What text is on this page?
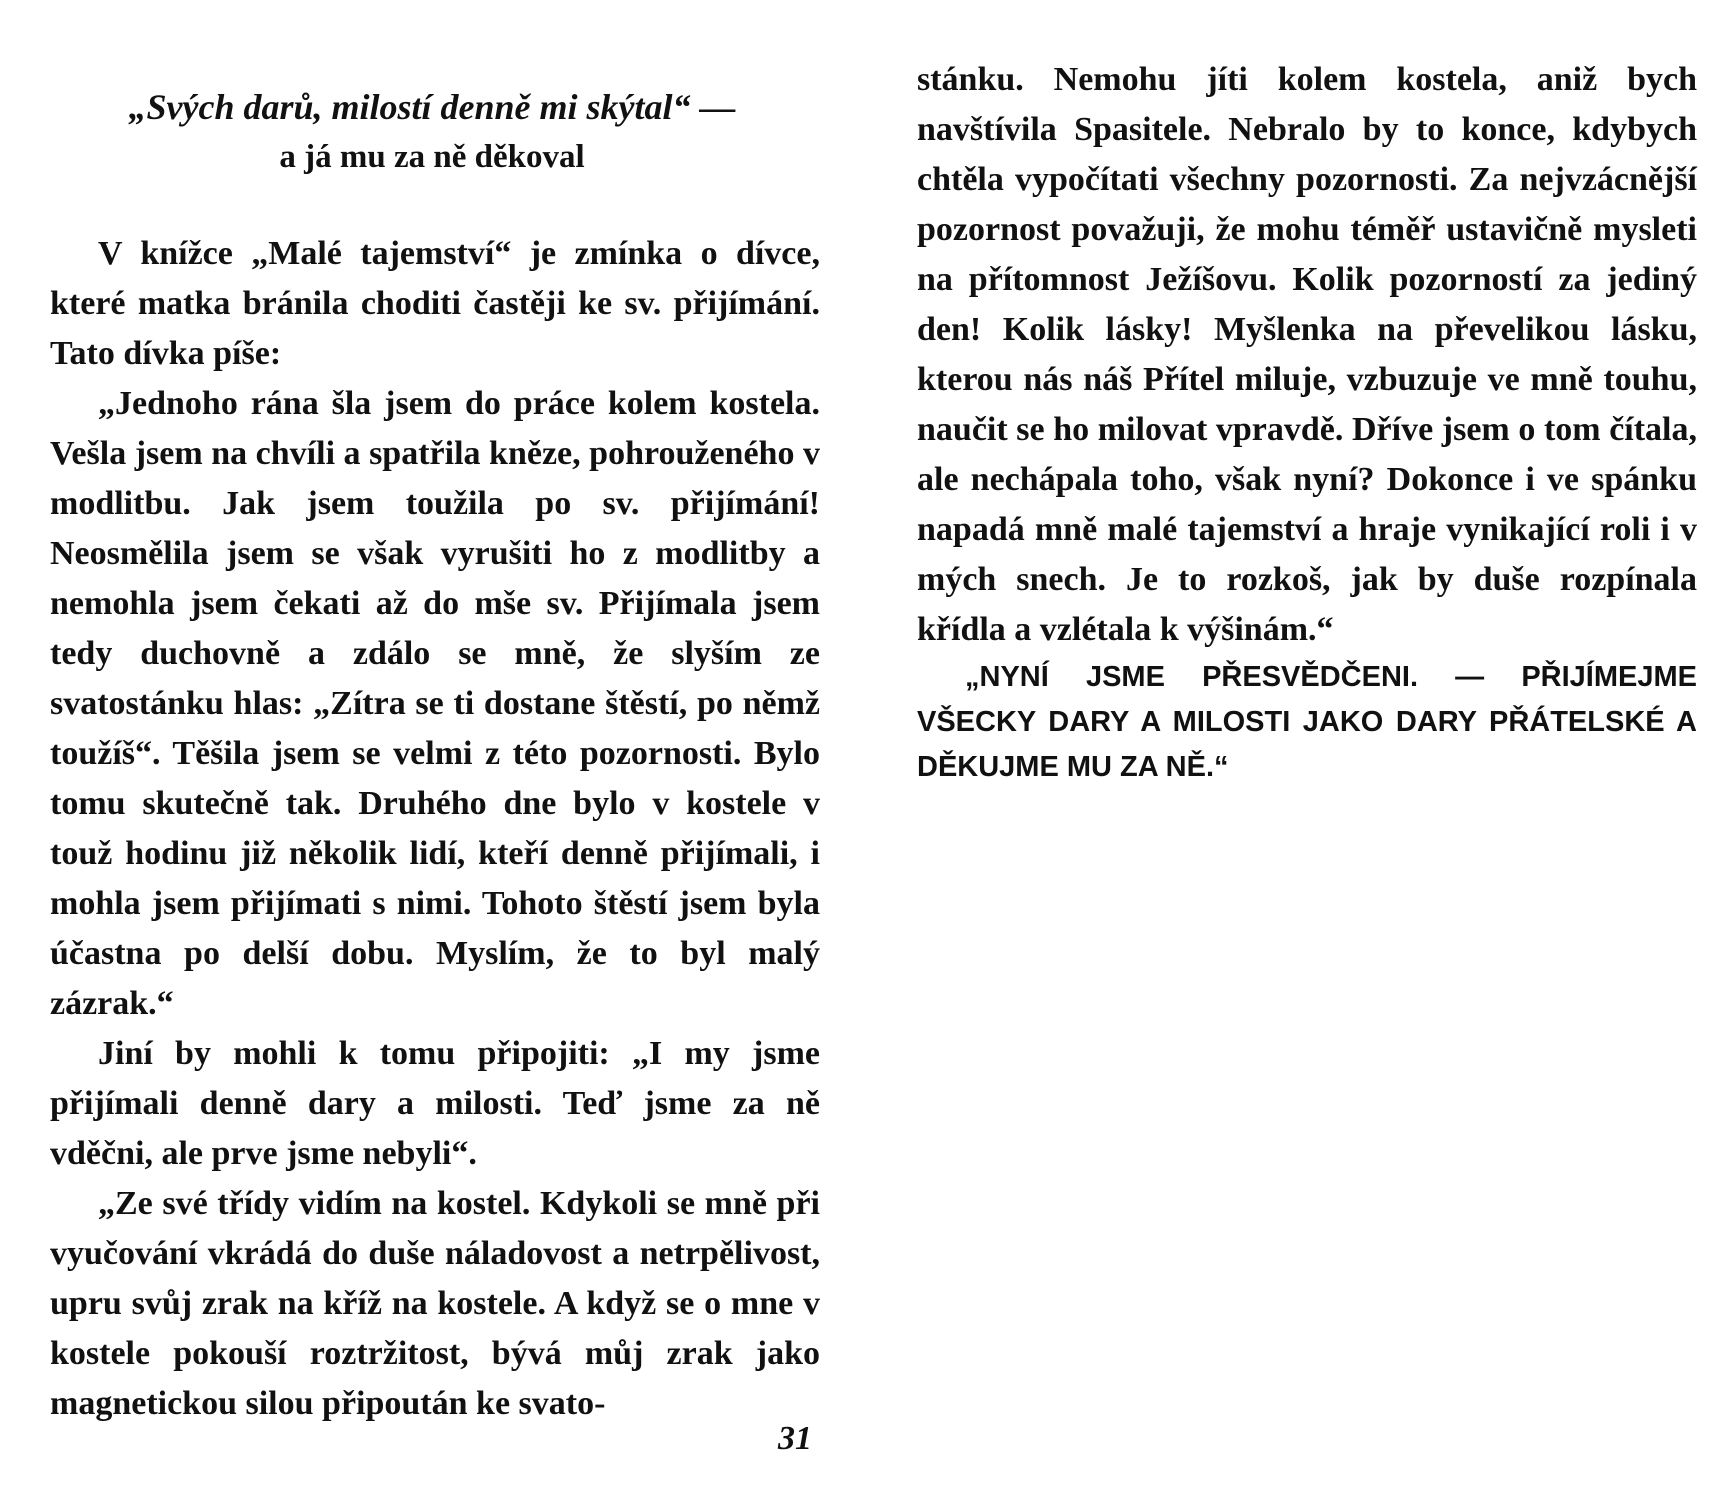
„Svých darů, milostí denně mi skýtal“ —
a já mu za ně děkoval

V knížce „Malé tajemství“ je zmínka o dívce, které matka bránila choditi častěji ke sv. přijímání. Tato dívka píše:

„Jednoho rána šla jsem do práce kolem kostela. Vešla jsem na chvíli a spatřila kněze, pohrouženého v modlitbu. Jak jsem toužila po sv. přijímání! Neosmělila jsem se však vyrušiti ho z modlitby a nemohla jsem čekati až do mše sv. Přijímala jsem tedy duchovně a zdálo se mně, že slyším ze svatostánku hlas: „Zítra se ti dostane štěstí, po němž toužíš“. Těšila jsem se velmi z této pozornosti. Bylo tomu skutečně tak. Druhého dne bylo v kostele v touž hodinu již několik lidí, kteří denně přijímali, i mohla jsem přijímati s nimi. Tohoto štěstí jsem byla účastna po delší dobu. Myslím, že to byl malý zázrak.“

Jiní by mohli k tomu připojiti: „I my jsme přijímali denně dary a milosti. Teď jsme za ně vděčni, ale prve jsme nebyli“.

„Ze své třídy vidím na kostel. Kdykoli se mně při vyučování vkrádá do duše náladovost a netrpělivost, upru svůj zrak na kříž na kostele. A když se o mne v kostele pokouší roztržitost, bývá můj zrak jako magnetickou silou připoután ke svato-

31

stánku. Nemohu jíti kolem kostela, aniž bych navštívila Spasitele. Nebralo by to konce, kdybych chtěla vypočítati všechny pozornosti. Za nejvzácnější pozornost považuji, že mohu téměř ustavičně mysleti na přítomnost Ježíšovu. Kolik pozorností za jediný den! Kolik lásky! Myšlenka na převelikou lásku, kterou nás náš Přítel miluje, vzbuzuje ve mně touhu, naučit se ho milovat vpravdě. Dříve jsem o tom čítala, ale nechápala toho, však nyní? Dokonce i ve spánku napadá mně malé tajemství a hraje vynikající roli i v mých snech. Je to rozkoš, jak by duše rozpínala křídla a vzlétala k výšinám.“

„NYNÍ JSME PŘESVĚDČENI. — PŘIJÍMEJME VŠECKY DARY A MILOSTI JAKO DARY PŘÁTELSKÉ A DĚKUJME MU ZA NĚ.“
